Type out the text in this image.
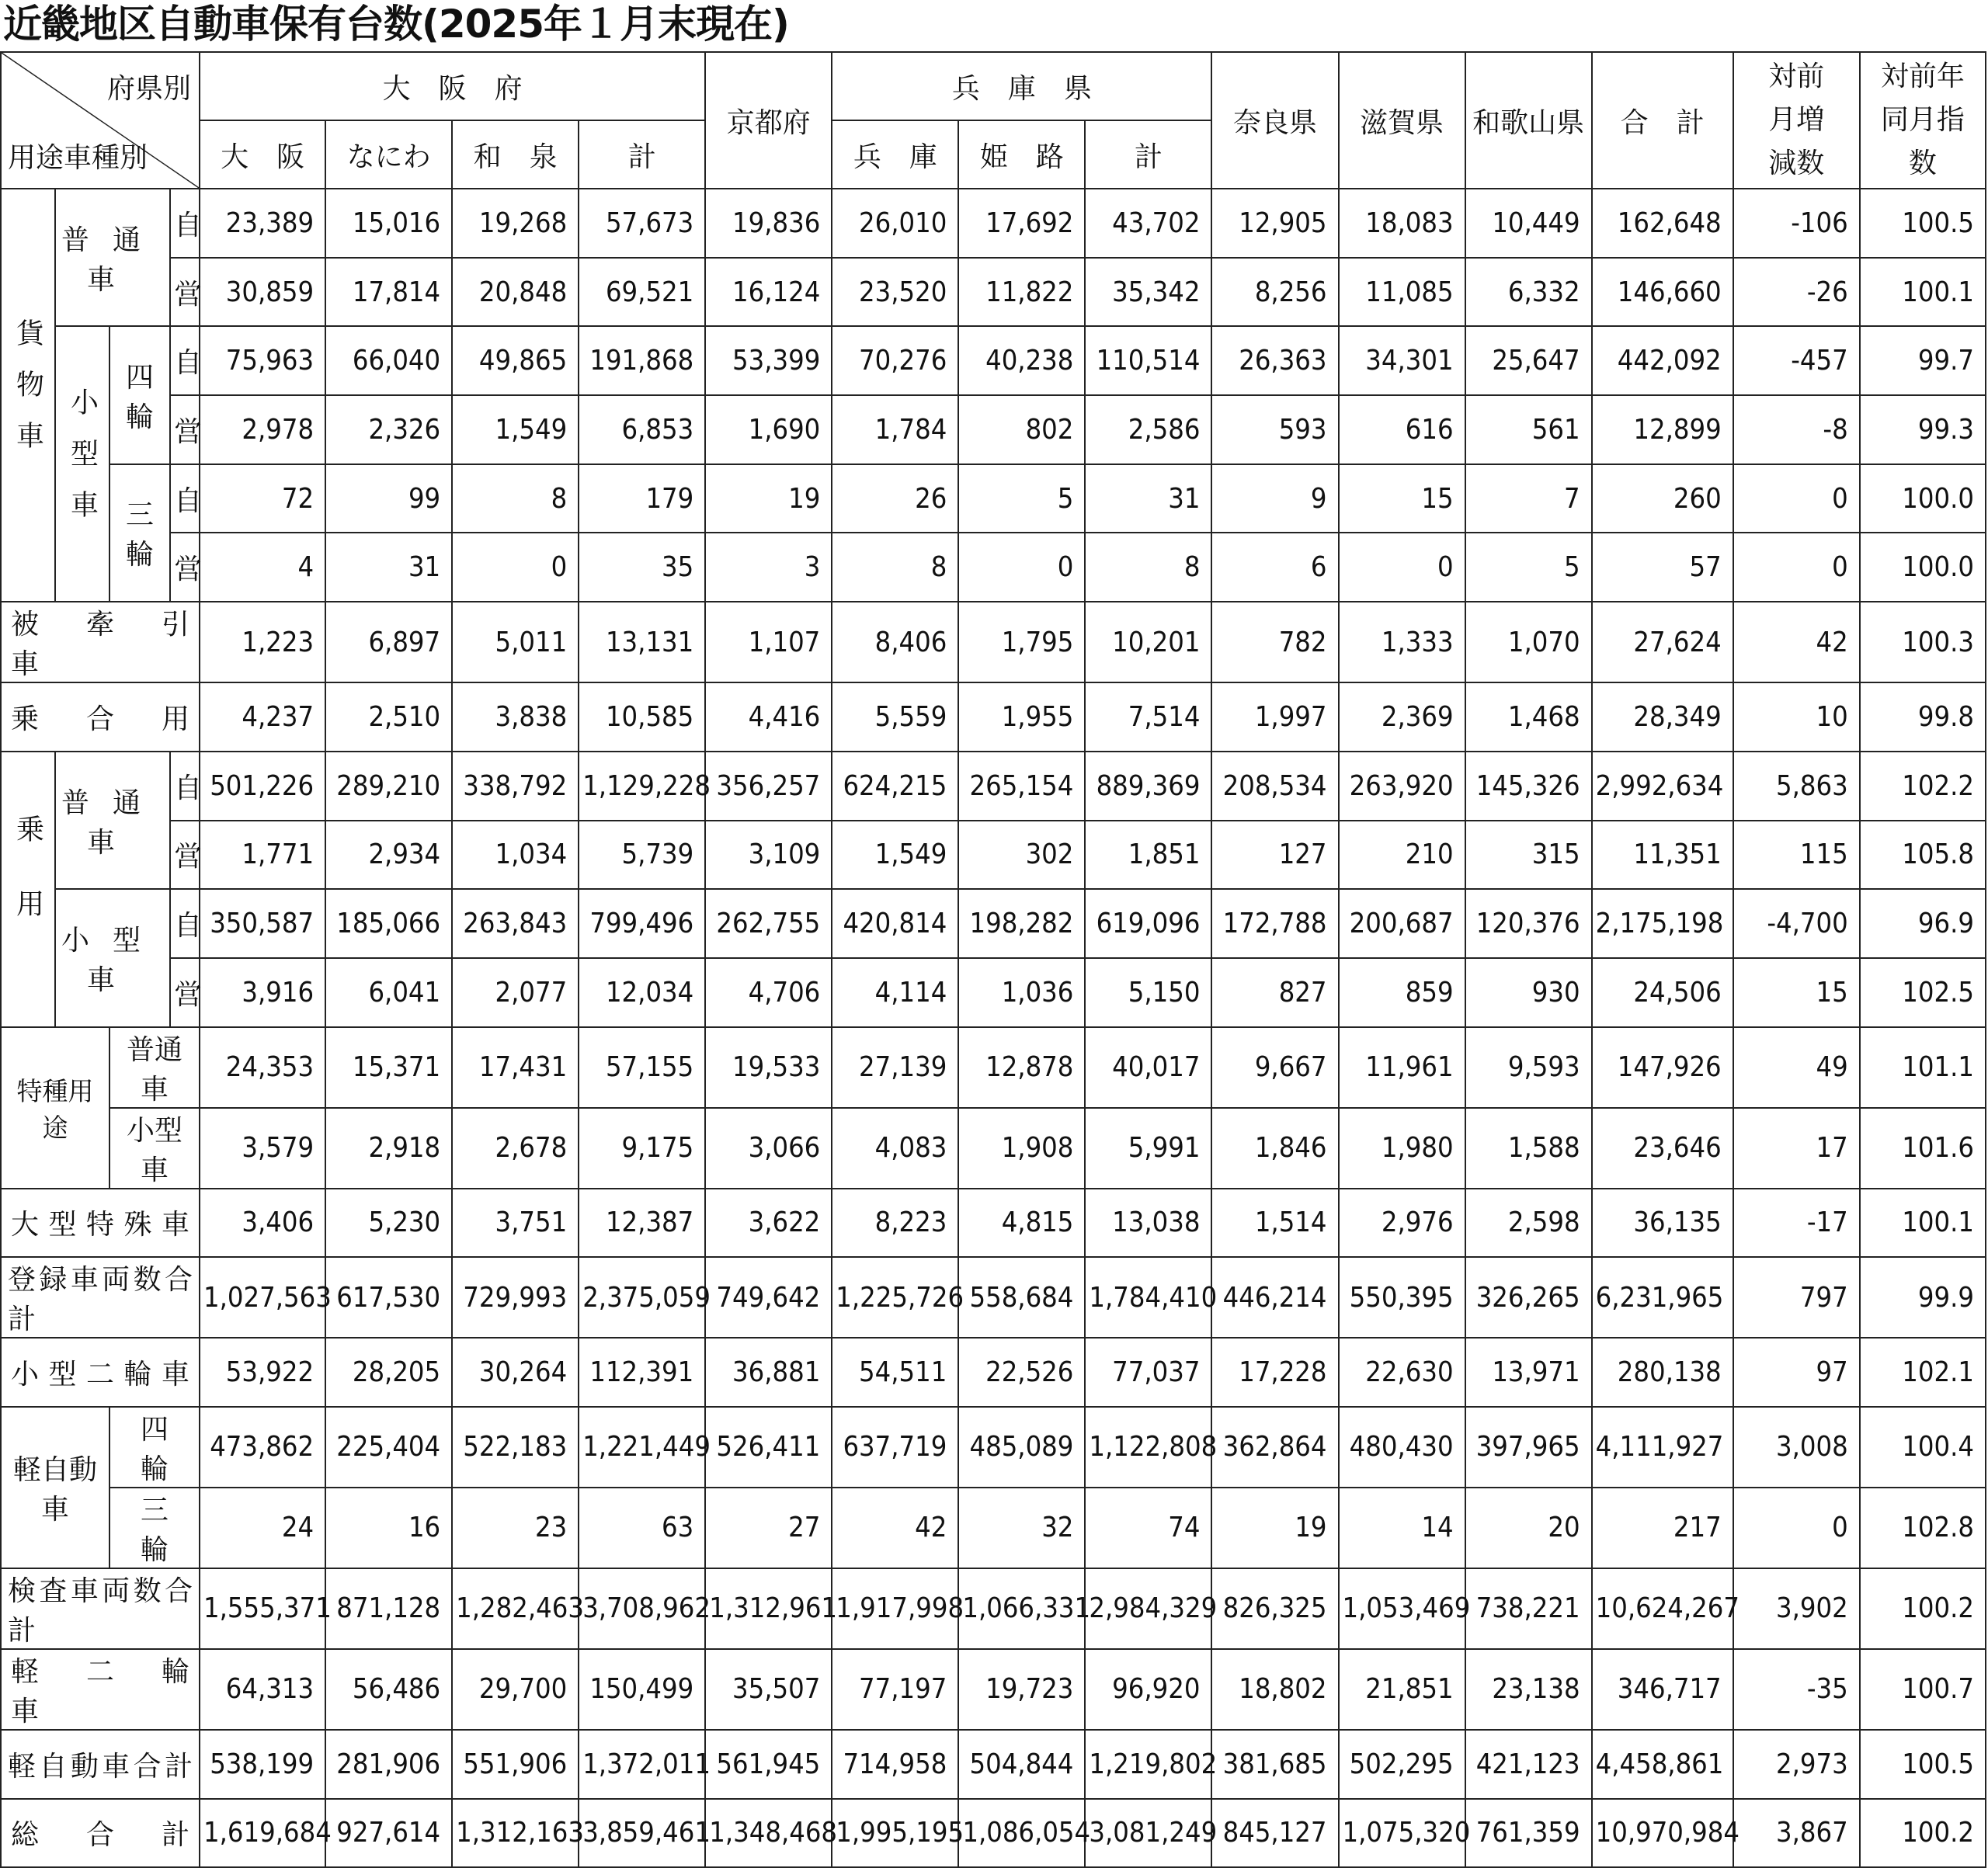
近畿地区自動車保有台数(2025年１月末現在)
府県別
用途車種別				大　阪　府				京都府	兵　庫　県			奈良県	滋賀県	和歌山県	合　計	対前月増減数	対前年同月指数
				大　阪	なにわ	和　泉	計		兵　庫	姫　路	計						
貨物車	普通車		自	23,389	15,016	19,268	57,673	19,836	26,010	17,692	43,702	12,905	18,083	10,449	162,648	-106	100.5
			営	30,859	17,814	20,848	69,521	16,124	23,520	11,822	35,342	8,256	11,085	6,332	146,660	-26	100.1
	小型車	四輪	自	75,963	66,040	49,865	191,868	53,399	70,276	40,238	110,514	26,363	34,301	25,647	442,092	-457	99.7
			営	2,978	2,326	1,549	6,853	1,690	1,784	802	2,586	593	616	561	12,899	-8	99.3
		三輪	自	72	99	8	179	19	26	5	31	9	15	7	260	0	100.0
			営	4	31	0	35	3	8	0	8	6	0	5	57	0	100.0
被　牽　引　車				1,223	6,897	5,011	13,131	1,107	8,406	1,795	10,201	782	1,333	1,070	27,624	42	100.3
乗　合　用				4,237	2,510	3,838	10,585	4,416	5,559	1,955	7,514	1,997	2,369	1,468	28,349	10	99.8
乗用	普通車		自	501,226	289,210	338,792	1,129,228	356,257	624,215	265,154	889,369	208,534	263,920	145,326	2,992,634	5,863	102.2
			営	1,771	2,934	1,034	5,739	3,109	1,549	302	1,851	127	210	315	11,351	115	105.8
	小型車		自	350,587	185,066	263,843	799,496	262,755	420,814	198,282	619,096	172,788	200,687	120,376	2,175,198	-4,700	96.9
			営	3,916	6,041	2,077	12,034	4,706	4,114	1,036	5,150	827	859	930	24,506	15	102.5
特種用途		普通車		24,353	15,371	17,431	57,155	19,533	27,139	12,878	40,017	9,667	11,961	9,593	147,926	49	101.1
		小型車		3,579	2,918	2,678	9,175	3,066	4,083	1,908	5,991	1,846	1,980	1,588	23,646	17	101.6
大型特殊車				3,406	5,230	3,751	12,387	3,622	8,223	4,815	13,038	1,514	2,976	2,598	36,135	-17	100.1
登録車両数合計				1,027,563	617,530	729,993	2,375,059	749,642	1,225,726	558,684	1,784,410	446,214	550,395	326,265	6,231,965	797	99.9
小型二輪車				53,922	28,205	30,264	112,391	36,881	54,511	22,526	77,037	17,228	22,630	13,971	280,138	97	102.1
軽自動車		四　輪		473,862	225,404	522,183	1,221,449	526,411	637,719	485,089	1,122,808	362,864	480,430	397,965	4,111,927	3,008	100.4
		三　輪		24	16	23	63	27	42	32	74	19	14	20	217	0	102.8
検査車両数合計				1,555,371	871,128	1,282,463	3,708,962	1,312,961	1,917,998	1,066,331	2,984,329	826,325	1,053,469	738,221	10,624,267	3,902	100.2
軽　二　輪　車				64,313	56,486	29,700	150,499	35,507	77,197	19,723	96,920	18,802	21,851	23,138	346,717	-35	100.7
軽自動車合計				538,199	281,906	551,906	1,372,011	561,945	714,958	504,844	1,219,802	381,685	502,295	421,123	4,458,861	2,973	100.5
総　合　計				1,619,684	927,614	1,312,163	3,859,461	1,348,468	1,995,195	1,086,054	3,081,249	845,127	1,075,320	761,359	10,970,984	3,867	100.2
